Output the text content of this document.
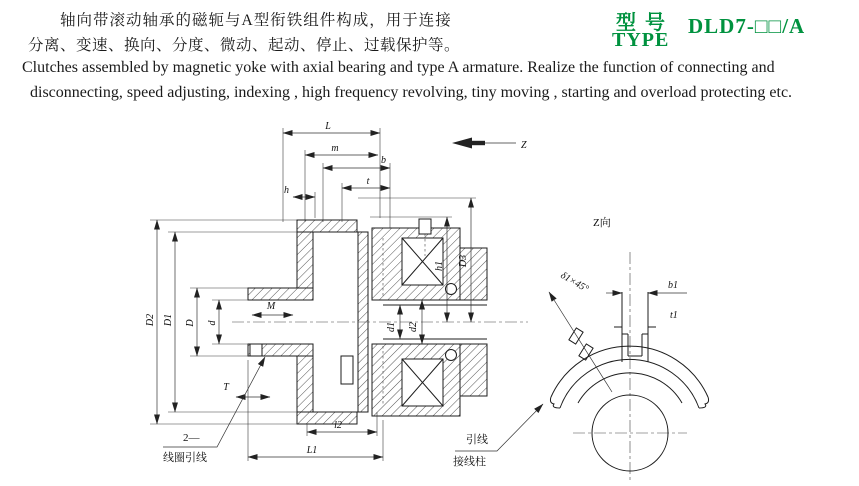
轴向带滚动轴承的磁轭与A型衔铁组件构成，用于连接
分离、变速、换向、分度、微动、起动、停止、过载保护等。
Clutches assembled by magnetic yoke with axial bearing and type A armature. Realize the function of connecting and
disconnecting, speed adjusting, indexing , high frequency revolving, tiny moving , starting and overload protecting etc.
型号
TYPE
DLD7-□□/A
L
m
b
t
h
Z
D2 D1 D d
M
d1 d2
h1 D3
T
l2
L1
2—
线圈引线
Z向
b1
t1
δ1×45°
引线
接线柱
